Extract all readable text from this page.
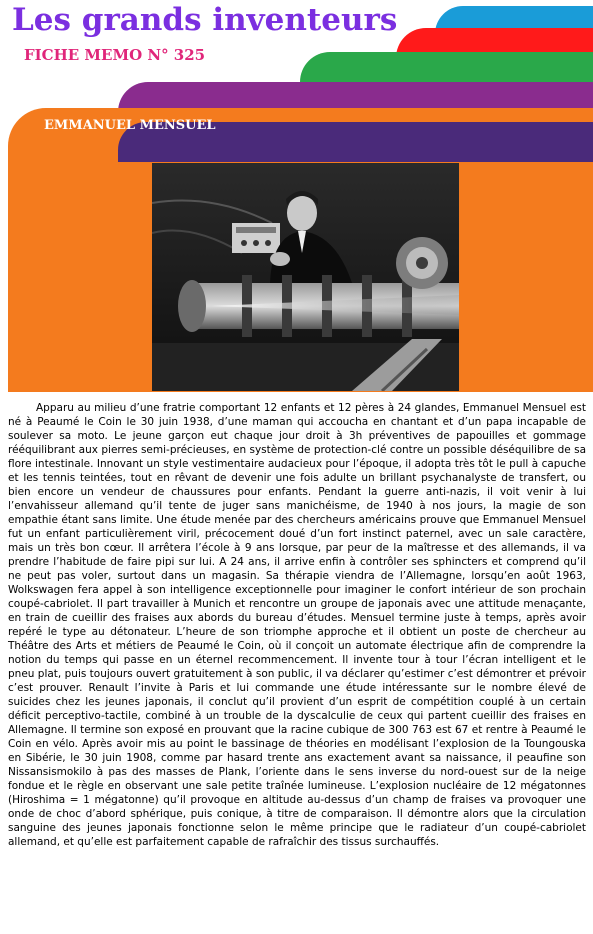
Les grands inventeurs
FICHE MEMO N° 325
EMMANUEL MENSUEL

Apparu au milieu d’une fratrie comportant 12 enfants et 12 pères à 24 glandes, Emmanuel Mensuel est né à Peaumé le Coin le 30 juin 1938, d’une maman qui accoucha en chantant et d’un papa incapable de soulever sa moto. Le jeune garçon eut chaque jour droit à 3h préventives de papouilles et gommage rééquilibrant aux pierres semi-précieuses, en système de protection-clé contre un possible déséquilibre de sa flore intestinale. Innovant un style vestimentaire audacieux pour l’époque, il adopta très tôt le pull à capuche et les tennis teintées, tout en rêvant de devenir une fois adulte un brillant psychanalyste de transfert, ou bien encore un vendeur de chaussures pour enfants. Pendant la guerre anti-nazis, il voit venir à lui l’envahisseur allemand qu’il tente de juger sans manichéisme, de 1940 à nos jours, la magie de son empathie étant sans limite. Une étude menée par des chercheurs américains prouve que Emmanuel Mensuel fut un enfant particulièrement viril, précocement doué d’un fort instinct paternel, avec un sale caractère, mais un très bon cœur. Il arrêtera l’école à 9 ans lorsque, par peur de la maîtresse et des allemands, il va prendre l’habitude de faire pipi sur lui. A 24 ans, il arrive enfin à contrôler ses sphincters et comprend qu’il ne peut pas voler, surtout dans un magasin. Sa thérapie viendra de l’Allemagne, lorsqu’en août 1963, Wolkswagen fera appel à son intelligence exceptionnelle pour imaginer le confort intérieur de son prochain coupé-cabriolet. Il part travailler à Munich et rencontre un groupe de japonais avec une attitude menaçante, en train de cueillir des fraises aux abords du bureau d’études. Mensuel termine juste à temps, après avoir repéré le type au détonateur. L’heure de son triomphe approche et il obtient un poste de chercheur au Théâtre des Arts et métiers de Peaumé le Coin, où il conçoit un automate électrique afin de comprendre la notion du temps qui passe en un éternel recommencement. Il invente tour à tour l’écran intelligent et le pneu plat, puis toujours ouvert gratuitement à son public, il va déclarer qu’estimer c’est démontrer et prévoir c’est prouver. Renault l’invite à Paris et lui commande une étude intéressante sur le nombre élevé de suicides chez les jeunes japonais, il conclut qu’il provient d’un esprit de compétition couplé à un certain déficit perceptivo-tactile, combiné à un trouble de la dyscalculie de ceux qui partent cueillir des fraises en Allemagne. Il termine son exposé en prouvant que la racine cubique de 300 763 est 67 et rentre à Peaumé le Coin en vélo. Après avoir mis au point le bassinage de théories en modélisant l’explosion de la Toungouska en Sibérie, le 30 juin 1908, comme par hasard trente ans exactement avant sa naissance, il peaufine son Nissansismokilo à pas des masses de Plank, l’oriente dans le sens inverse du nord-ouest sur de la neige fondue et le règle en observant une sale petite traînée lumineuse. L’explosion nucléaire de 12 mégatonnes (Hiroshima = 1 mégatonne) qu’il provoque en altitude au-dessus d’un champ de fraises va provoquer une onde de choc d’abord sphérique, puis conique, à titre de comparaison. Il démontre alors que la circulation sanguine des jeunes japonais fonctionne selon le même principe que le radiateur d’un coupé-cabriolet allemand, et qu’elle est parfaitement capable de rafraîchir des tissus surchauffés.
